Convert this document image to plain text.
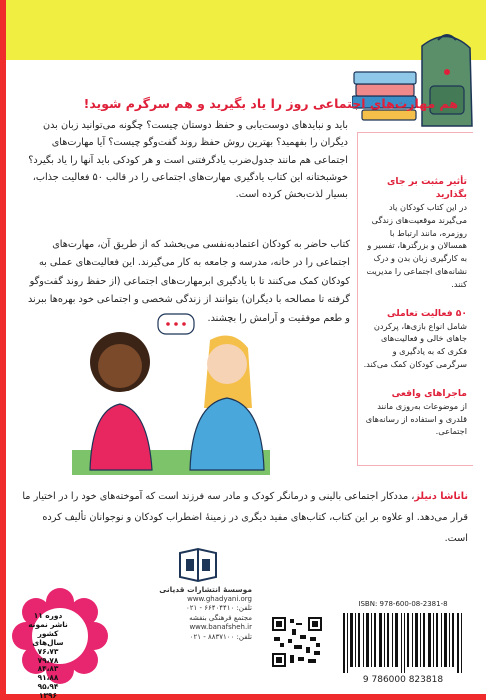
هم مهارت‌های اجتماعی روز را یاد بگیرید و هم سرگرم شوید!
باید و نبایدهای دوست‌یابی و حفظ دوستان چیست؟ چگونه می‌توانید زبان بدن دیگران را بفهمید؟ بهترین روش حفظ روند گفت‌وگو چیست؟ آیا مهارت‌های اجتماعی هم مانند جدول‌ضرب یادگرفتنی است و هر کودکی باید آنها را یاد بگیرد؟ خوشبختانه این کتاب یادگیری مهارت‌های اجتماعی را در قالب ۵۰ فعالیت جذاب، بسیار لذت‌بخش کرده است.
کتاب حاضر به کودکان اعتمادبه‌نفسی می‌بخشد که از طریق آن، مهارت‌های اجتماعی را در خانه، مدرسه و جامعه به کار می‌گیرند. این فعالیت‌های عملی به کودکان کمک می‌کنند تا با یادگیری ابرمهارت‌های اجتماعی (از حفظ روند گفت‌وگو گرفته تا مصالحه با دیگران) بتوانند از زندگی شخصی و اجتماعی خود بهره‌ها ببرند و طعم موفقیت و آرامش را بچشند.
تأثیر مثبت بر جای بگذارید
در این کتاب کودکان یاد می‌گیرند موقعیت‌های زندگی روزمره، مانند ارتباط با همسالان و بزرگترها، تفسیر و به کارگیری زبان بدن و درک نشانه‌های اجتماعی را مدیریت کنند.
۵۰ فعالیت تعاملی
شامل انواع بازی‌ها، پرکردن جاهای خالی و فعالیت‌های فکری که به یادگیری و سرگرمی کودکان کمک می‌کند.
ماجراهای واقعی
از موضوعات به‌روزی مانند قلدری و استفاده از رسانه‌های اجتماعی.
ناتاشا دنیلز، مددکار اجتماعی بالینی و درمانگر کودک و مادر سه فرزند است که آموخته‌های خود را در اختیار ما قرار می‌دهد. او علاوه بر این کتاب، کتاب‌های مفید دیگری در زمینهٔ اضطراب کودکان و نوجوانان تألیف کرده است.
۱۱ دوره
ناشر نمونه
کشور
سال‌های
۷۶،۷۳
۷۹،۷۸
۸۴،۸۳
۹۱،۸۸
۹۵،۹۴
۱۳۹۶
موسسهٔ انتشارات قدیانی
www.ghadyani.org
تلفن: ۶۶۴۰۴۴۱۰ - ۰۲۱
مجتمع فرهنگی بنفشه
www.banafsheh.ir
تلفن: ۸۸۳۷۱۰۰ - ۰۲۱
ISBN: 978-600-08-2381-8
9 786000 823818
